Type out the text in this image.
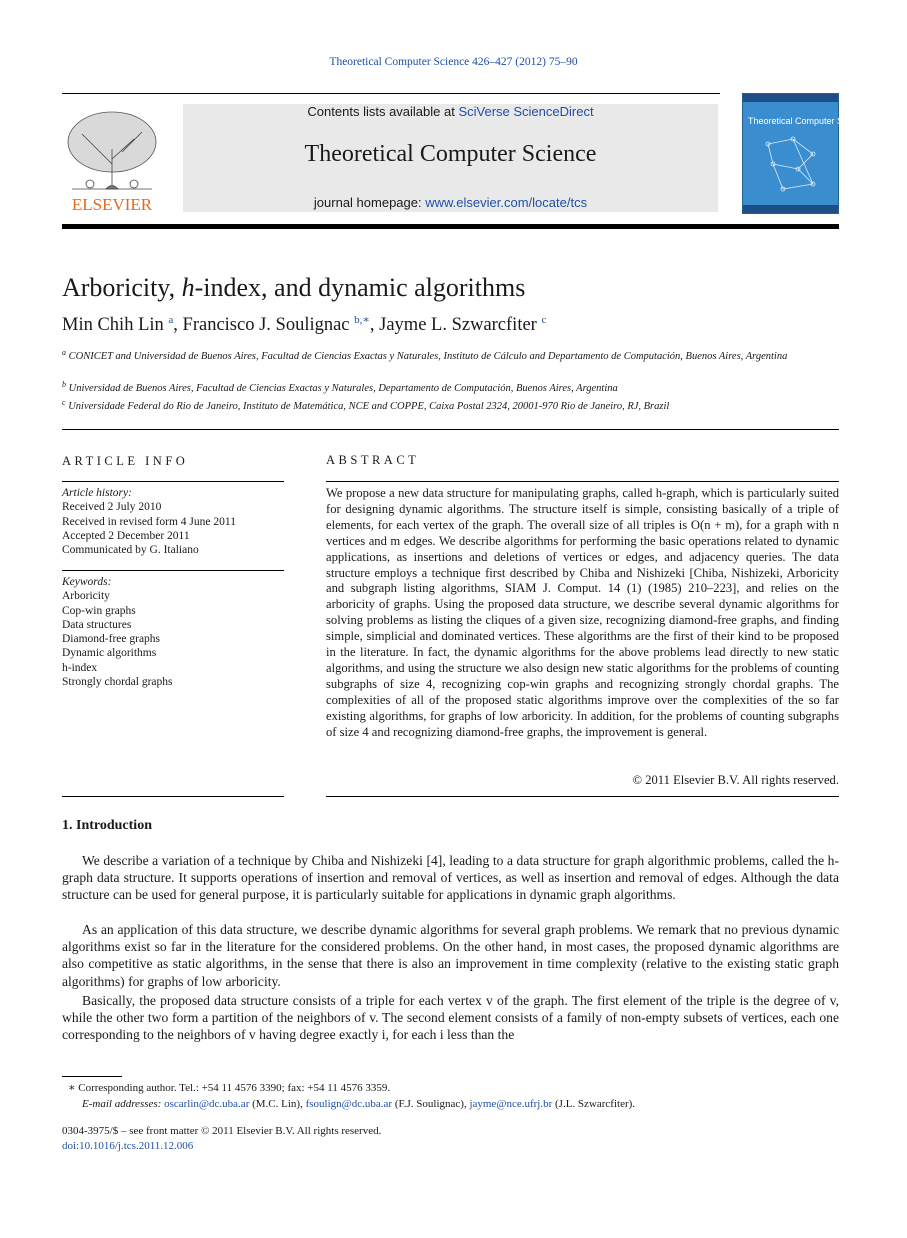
Theoretical Computer Science 426–427 (2012) 75–90
ELSEVIER
Contents lists available at SciVerse ScienceDirect
Theoretical Computer Science
journal homepage: www.elsevier.com/locate/tcs
Theoretical Computer Science
Arboricity, h-index, and dynamic algorithms
Min Chih Lin $^a$, Francisco J. Soulignac $^{b,∗}$, Jayme L. Szwarcfiter $^c$
$^a$ CONICET and Universidad de Buenos Aires, Facultad de Ciencias Exactas y Naturales, Instituto de Cálculo and Departamento de Computación, Buenos Aires, Argentina
$^b$ Universidad de Buenos Aires, Facultad de Ciencias Exactas y Naturales, Departamento de Computación, Buenos Aires, Argentina
$^c$ Universidade Federal do Rio de Janeiro, Instituto de Matemática, NCE and COPPE, Caixa Postal 2324, 20001-970 Rio de Janeiro, RJ, Brazil
ARTICLE INFO
Article history:
Received 2 July 2010
Received in revised form 4 June 2011
Accepted 2 December 2011
Communicated by G. Italiano
Keywords:
Arboricity
Cop-win graphs
Data structures
Diamond-free graphs
Dynamic algorithms
h-index
Strongly chordal graphs
ABSTRACT
We propose a new data structure for manipulating graphs, called h-graph, which is particularly suited for designing dynamic algorithms. The structure itself is simple, consisting basically of a triple of elements, for each vertex of the graph. The overall size of all triples is O(n + m), for a graph with n vertices and m edges. We describe algorithms for performing the basic operations related to dynamic applications, as insertions and deletions of vertices or edges, and adjacency queries. The data structure employs a technique first described by Chiba and Nishizeki [Chiba, Nishizeki, Arboricity and subgraph listing algorithms, SIAM J. Comput. 14 (1) (1985) 210–223], and relies on the arboricity of graphs. Using the proposed data structure, we describe several dynamic algorithms for solving problems as listing the cliques of a given size, recognizing diamond-free graphs, and finding simple, simplicial and dominated vertices. These algorithms are the first of their kind to be proposed in the literature. In fact, the dynamic algorithms for the above problems lead directly to new static algorithms, and using the structure we also design new static algorithms for the problems of counting subgraphs of size 4, recognizing cop-win graphs and recognizing strongly chordal graphs. The complexities of all of the proposed static algorithms improve over the complexities of the so far existing algorithms, for graphs of low arboricity. In addition, for the problems of counting subgraphs of size 4 and recognizing diamond-free graphs, the improvement is general.
© 2011 Elsevier B.V. All rights reserved.
1. Introduction
We describe a variation of a technique by Chiba and Nishizeki [4], leading to a data structure for graph algorithmic problems, called the h-graph data structure. It supports operations of insertion and removal of vertices, as well as insertion and removal of edges. Although the data structure can be used for general purpose, it is particularly suitable for applications in dynamic graph algorithms.
As an application of this data structure, we describe dynamic algorithms for several graph problems. We remark that no previous dynamic algorithms exist so far in the literature for the considered problems. On the other hand, in most cases, the proposed dynamic algorithms are also competitive as static algorithms, in the sense that there is also an improvement in time complexity (relative to the existing static graph algorithms) for graphs of low arboricity.
Basically, the proposed data structure consists of a triple for each vertex v of the graph. The first element of the triple is the degree of v, while the other two form a partition of the neighbors of v. The second element consists of a family of non-empty subsets of vertices, each one corresponding to the neighbors of v having degree exactly i, for each i less than the
∗ Corresponding author. Tel.: +54 11 4576 3390; fax: +54 11 4576 3359.
E-mail addresses: oscarlin@dc.uba.ar (M.C. Lin), fsoulign@dc.uba.ar (F.J. Soulignac), jayme@nce.ufrj.br (J.L. Szwarcfiter).
0304-3975/$ – see front matter © 2011 Elsevier B.V. All rights reserved.
doi:10.1016/j.tcs.2011.12.006
